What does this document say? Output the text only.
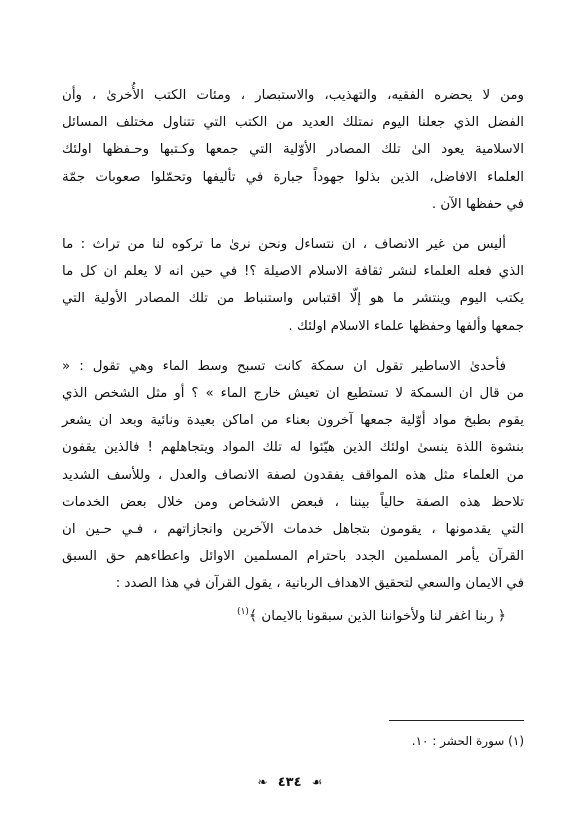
ومن لا يحضره الفقيه، والتهذيب، والاستبصار ، ومئات الكتب الأُخرىٰ ، وأن

الفضل الذي جعلنا اليوم نمتلك العديد من الكتب التي تتناول مختلف المسائل

الاسلامية يعود الىٰ تلك المصادر الأوّلية التي جمعها وكـتبها وحـفظها اولئك

العلماء الافاضل، الذين بذلوا جهوداً جبارة في تأليفها وتحمّلوا صعوبات جمّة

في حفظها الآن .

أليس من غير الانصاف ، ان نتساءل ونحن نرىٰ ما تركوه لنا من تراث : ما

الذي فعله العلماء لنشر ثقافة الاسلام الاصيلة ؟! في حين انه لا يعلم ان كل ما

يكتب اليوم وينتشر ما هو إلّا اقتباس واستنباط من تلك المصادر الأولية التي

جمعها وألفها وحفظها علماء الاسلام اولئك .

فأحدىٰ الاساطير تقول ان سمكة كانت تسبح وسط الماء وهي تقول : «

من قال ان السمكة لا تستطيع ان تعيش خارج الماء » ؟ أو مثل الشخص الذي

يقوم بطبخ مواد أوّلية جمعها آخرون بعناء من اماكن بعيدة ونائية وبعد ان يشعر

بنشوة اللذة ينسىٰ اولئك الذين هيّئوا له تلك المواد ويتجاهلهم ! فالذين يقفون

من العلماء مثل هذه المواقف يفقدون لصفة الانصاف والعدل ، وللأسف الشديد

تلاحظ هذه الصفة حالياً بيننا ، فبعض الاشخاص ومن خلال بعض الخدمات

التي يقدمونها ، يقومون بتجاهل خدمات الآخرين وانجازاتهم ، فـي حـين ان

القرآن يأمر المسلمين الجدد باحترام المسلمين الاوائل واعطاءهم حق السبق

في الايمان والسعي لتحقيق الاهداف الربانية ، يقول القرآن في هذا الصدد :

﴿ ربنا اغفر لنا ولأخواننا الذين سبقونا بالايمان ﴾$^{(١)}$
(١) سورة الحشر : ١٠.
❧ ٤٣٤ ☙
